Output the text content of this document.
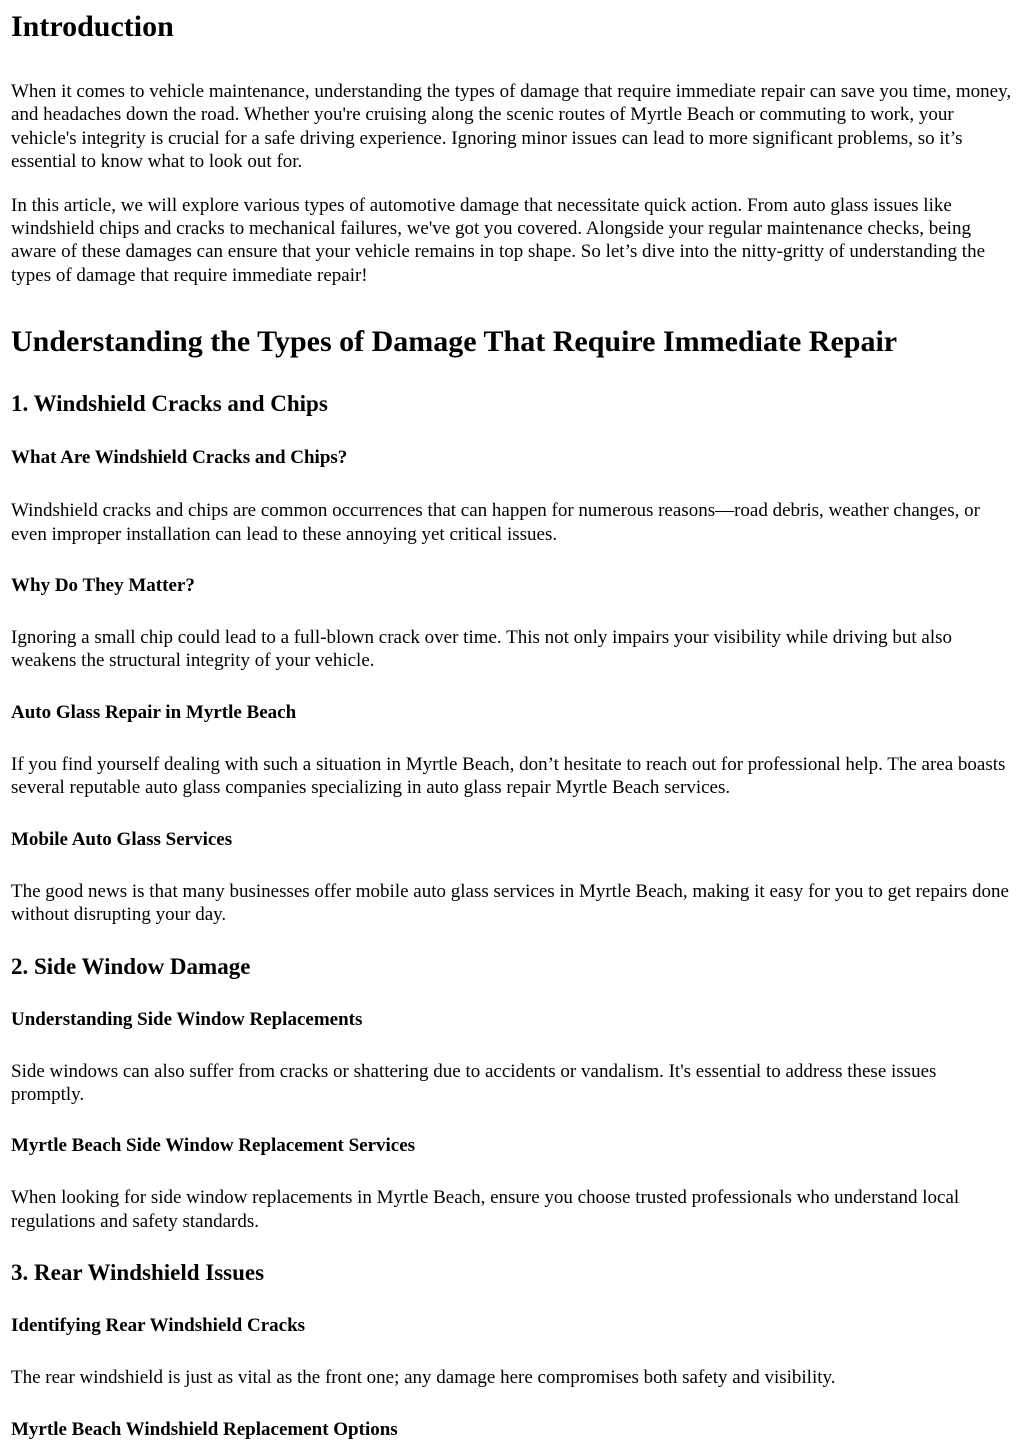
Introduction

When it comes to vehicle maintenance, understanding the types of damage that require immediate repair can save you time, money, and headaches down the road. Whether you're cruising along the scenic routes of Myrtle Beach or commuting to work, your vehicle's integrity is crucial for a safe driving experience. Ignoring minor issues can lead to more significant problems, so it’s essential to know what to look out for.

In this article, we will explore various types of automotive damage that necessitate quick action. From auto glass issues like windshield chips and cracks to mechanical failures, we've got you covered. Alongside your regular maintenance checks, being aware of these damages can ensure that your vehicle remains in top shape. So let’s dive into the nitty-gritty of understanding the types of damage that require immediate repair!

Understanding the Types of Damage That Require Immediate Repair
1. Windshield Cracks and Chips
What Are Windshield Cracks and Chips?

Windshield cracks and chips are common occurrences that can happen for numerous reasons—road debris, weather changes, or even improper installation can lead to these annoying yet critical issues.

Why Do They Matter?

Ignoring a small chip could lead to a full-blown crack over time. This not only impairs your visibility while driving but also weakens the structural integrity of your vehicle.

Auto Glass Repair in Myrtle Beach

If you find yourself dealing with such a situation in Myrtle Beach, don’t hesitate to reach out for professional help. The area boasts several reputable auto glass companies specializing in auto glass repair Myrtle Beach services.

Mobile Auto Glass Services

The good news is that many businesses offer mobile auto glass services in Myrtle Beach, making it easy for you to get repairs done without disrupting your day.

2. Side Window Damage
Understanding Side Window Replacements

Side windows can also suffer from cracks or shattering due to accidents or vandalism. It's essential to address these issues promptly.

Myrtle Beach Side Window Replacement Services

When looking for side window replacements in Myrtle Beach, ensure you choose trusted professionals who understand local regulations and safety standards.

3. Rear Windshield Issues
Identifying Rear Windshield Cracks

The rear windshield is just as vital as the front one; any damage here compromises both safety and visibility.

Myrtle Beach Windshield Replacement Options
